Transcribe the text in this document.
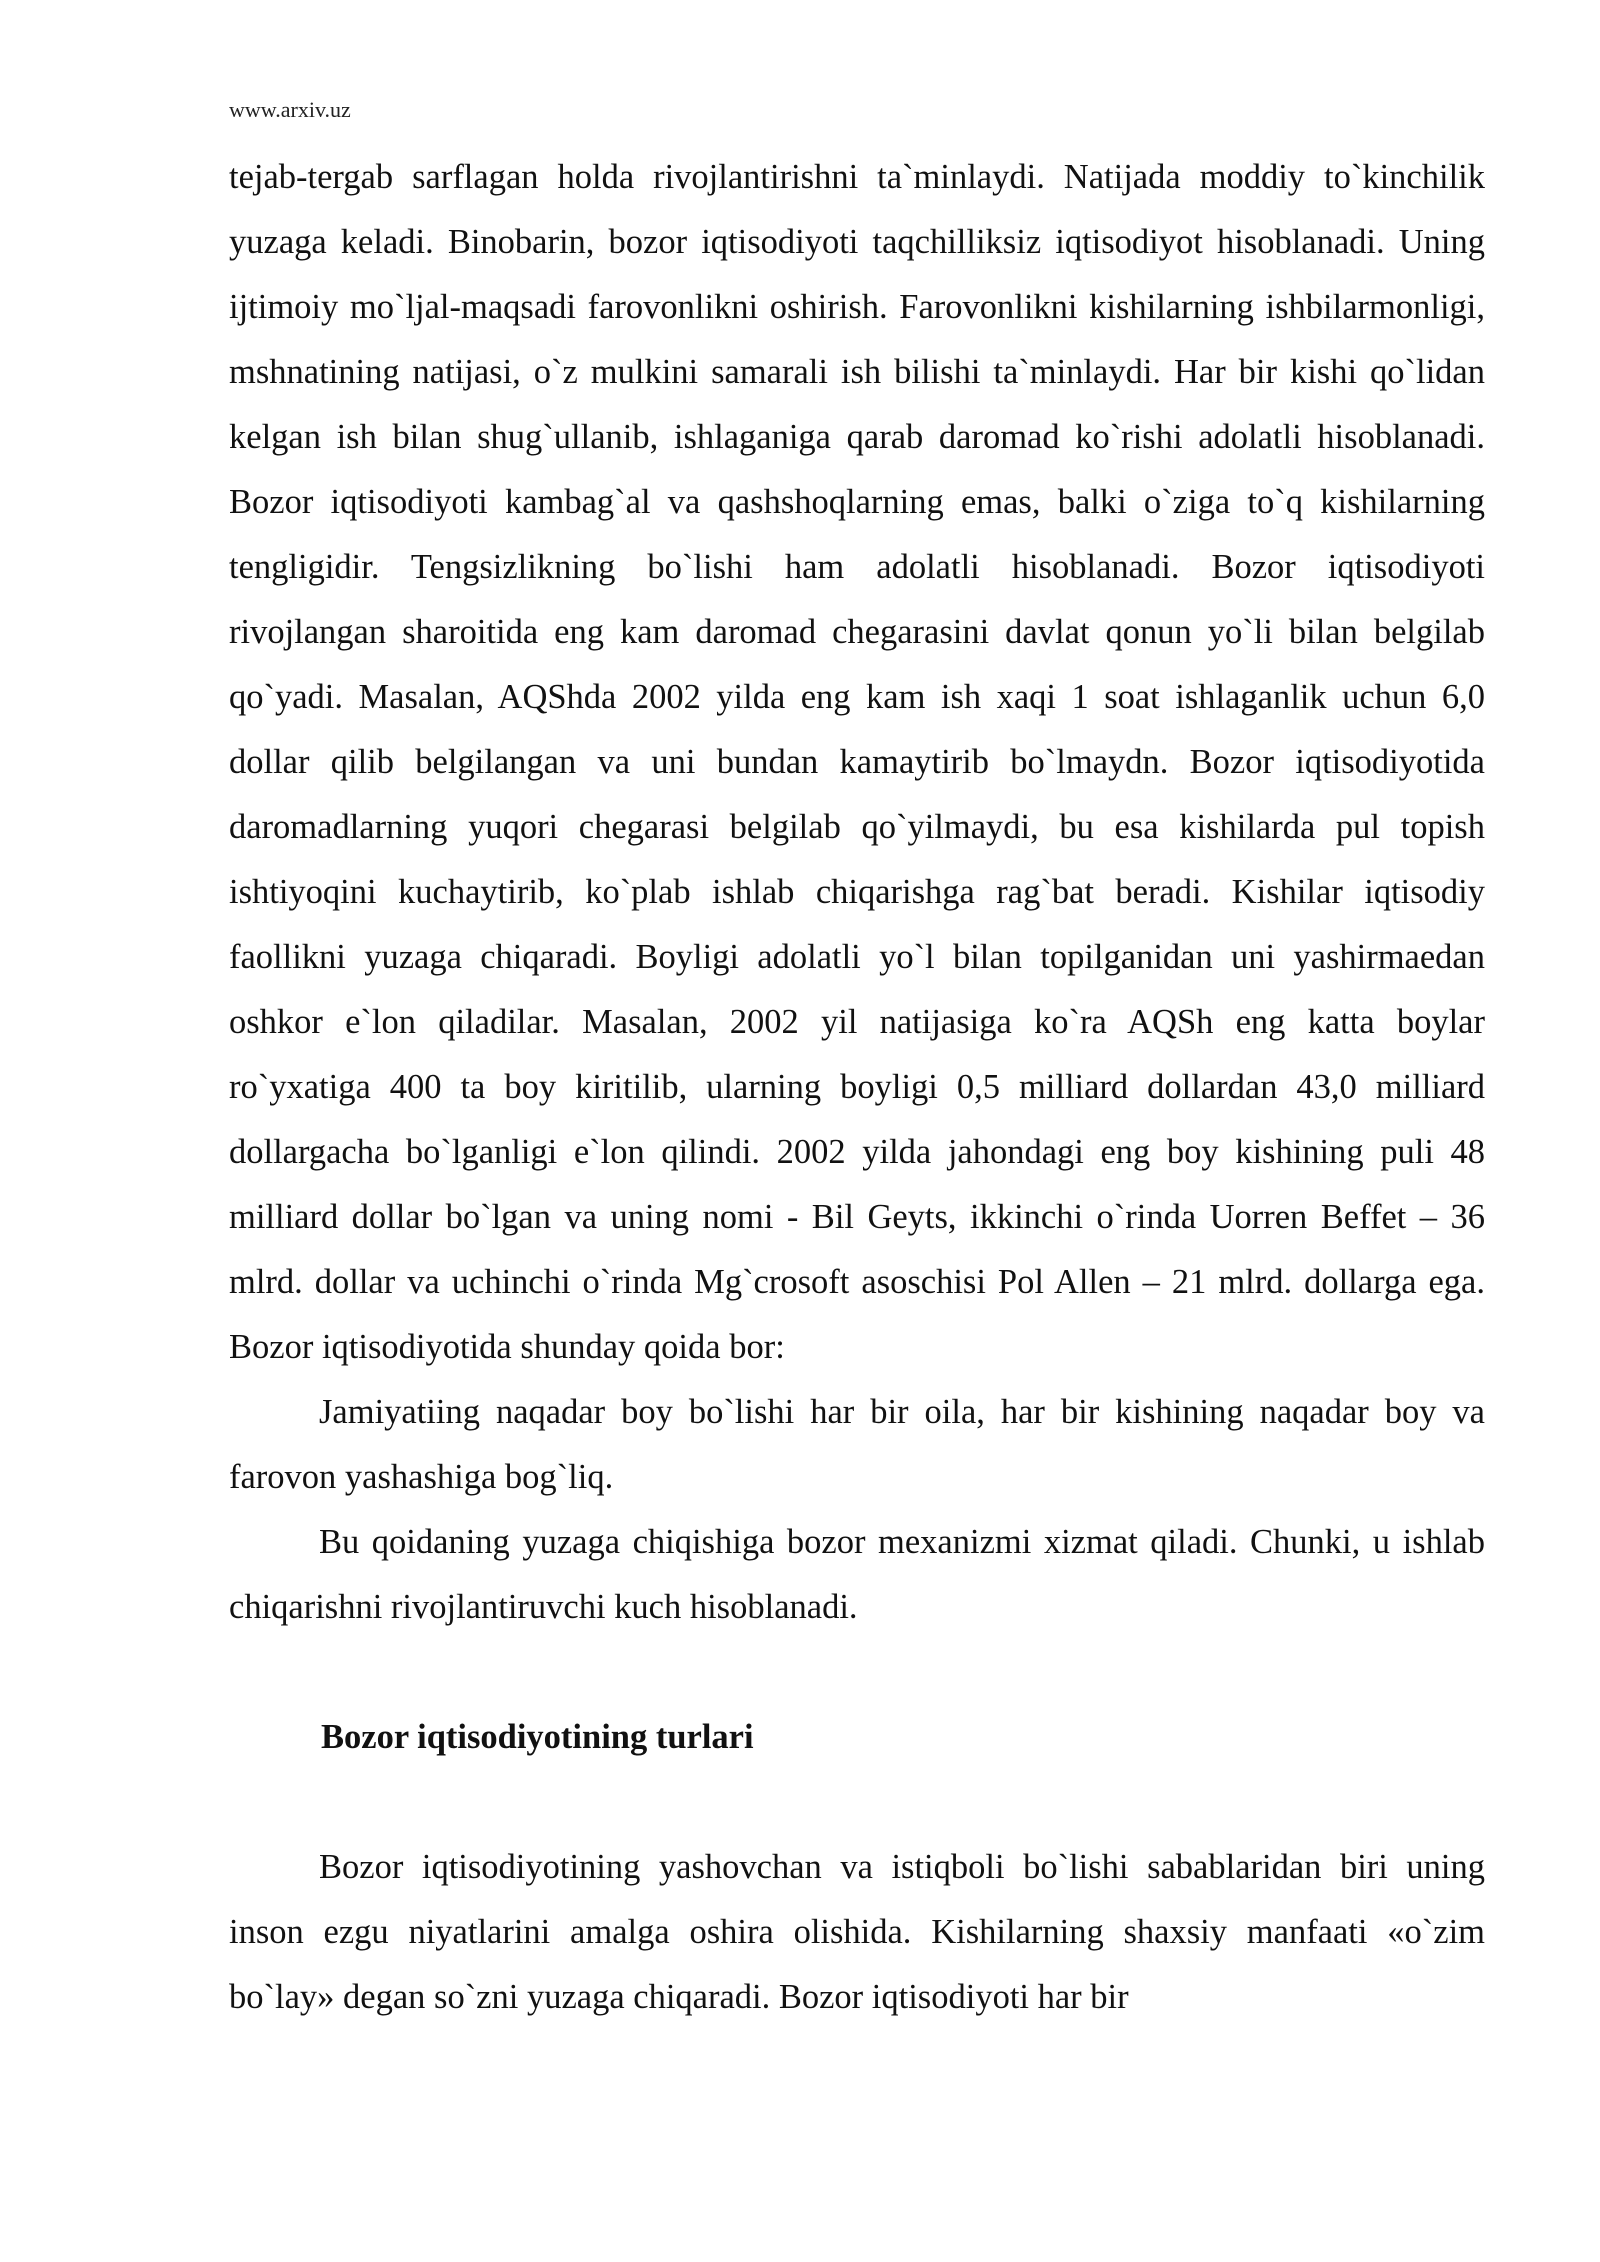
www.arxiv.uz

tejab-tergab sarflagan holda rivojlantirishni ta`minlaydi. Natijada moddiy to`kinchilik yuzaga keladi. Binobarin, bozor iqtisodiyoti taqchilliksiz iqtisodiyot hisoblanadi. Uning ijtimoiy mo`ljal-maqsadi farovonlikni oshirish. Farovonlikni kishilarning ishbilarmonligi, mshnatining natijasi, o`z mulkini samarali ish bilishi ta`minlaydi. Har bir kishi qo`lidan kelgan ish bilan shug`ullanib, ishlaganiga qarab daromad ko`rishi adolatli hisoblanadi. Bozor iqtisodiyoti kambag`al va qashshoqlarning emas, balki o`ziga to`q kishilarning tengligidir. Tengsizlikning bo`lishi ham adolatli hisoblanadi. Bozor iqtisodiyoti rivojlangan sharoitida eng kam daromad chegarasini davlat qonun yo`li bilan belgilab qo`yadi. Masalan, AQShda 2002 yilda eng kam ish xaqi 1 soat ishlaganlik uchun 6,0 dollar qilib belgilangan va uni bundan kamaytirib bo`lmaydn. Bozor iqtisodiyotida daromadlarning yuqori chegarasi belgilab qo`yilmaydi, bu esa kishilarda pul topish ishtiyoqini kuchaytirib, ko`plab ishlab chiqarishga rag`bat beradi. Kishilar iqtisodiy faollikni yuzaga chiqaradi. Boyligi adolatli yo`l bilan topilganidan uni yashirmaedan oshkor e`lon qiladilar. Masalan, 2002 yil natijasiga ko`ra AQSh eng katta boylar ro`yxatiga 400 ta boy kiritilib, ularning boyligi 0,5 milliard dollardan 43,0 milliard dollargacha bo`lganligi e`lon qilindi. 2002 yilda jahondagi eng boy kishining puli 48 milliard dollar bo`lgan va uning nomi - Bil Geyts, ikkinchi o`rinda Uorren Beffet – 36 mlrd. dollar va uchinchi o`rinda Mg`crosoft asoschisi Pol Allen – 21 mlrd. dollarga ega. Bozor iqtisodiyotida shunday qoida bor:

Jamiyatiing naqadar boy bo`lishi har bir oila, har bir kishining naqadar boy va farovon yashashiga bog`liq.

Bu qoidaning yuzaga chiqishiga bozor mexanizmi xizmat qiladi. Chunki, u ishlab chiqarishni rivojlantiruvchi kuch hisoblanadi.

Bozor iqtisodiyotining turlari

Bozor iqtisodiyotining yashovchan va istiqboli bo`lishi sabablaridan biri uning inson ezgu niyatlarini amalga oshira olishida. Kishilarning shaxsiy manfaati «o`zim bo`lay» degan so`zni yuzaga chiqaradi. Bozor iqtisodiyoti har bir
